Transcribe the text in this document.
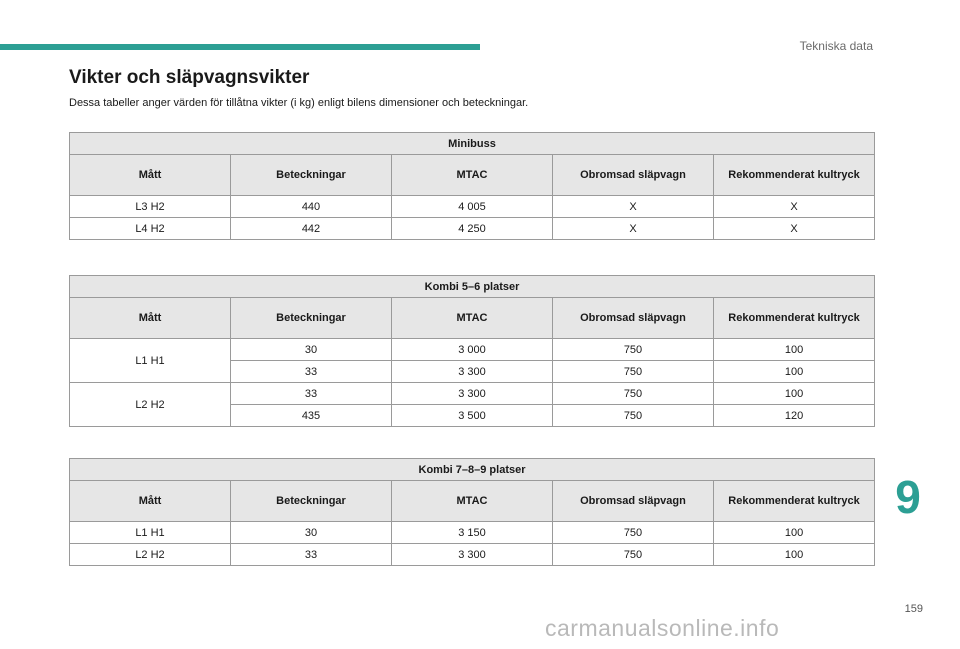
Tekniska data
Vikter och släpvagnsvikter
Dessa tabeller anger värden för tillåtna vikter (i kg) enligt bilens dimensioner och beteckningar.
Minibuss				
Mått	Beteckningar	MTAC	Obromsad släpvagn	Rekommenderat kultryck
L3 H2	440	4 005	X	X
L4 H2	442	4 250	X	X
Kombi 5–6 platser				
Mått	Beteckningar	MTAC	Obromsad släpvagn	Rekommenderat kultryck
L1 H1	30	3 000	750	100
	33	3 300	750	100
L2 H2	33	3 300	750	100
	435	3 500	750	120
Kombi 7–8–9 platser				
Mått	Beteckningar	MTAC	Obromsad släpvagn	Rekommenderat kultryck
L1 H1	30	3 150	750	100
L2 H2	33	3 300	750	100
9
159
carmanualsonline.info
